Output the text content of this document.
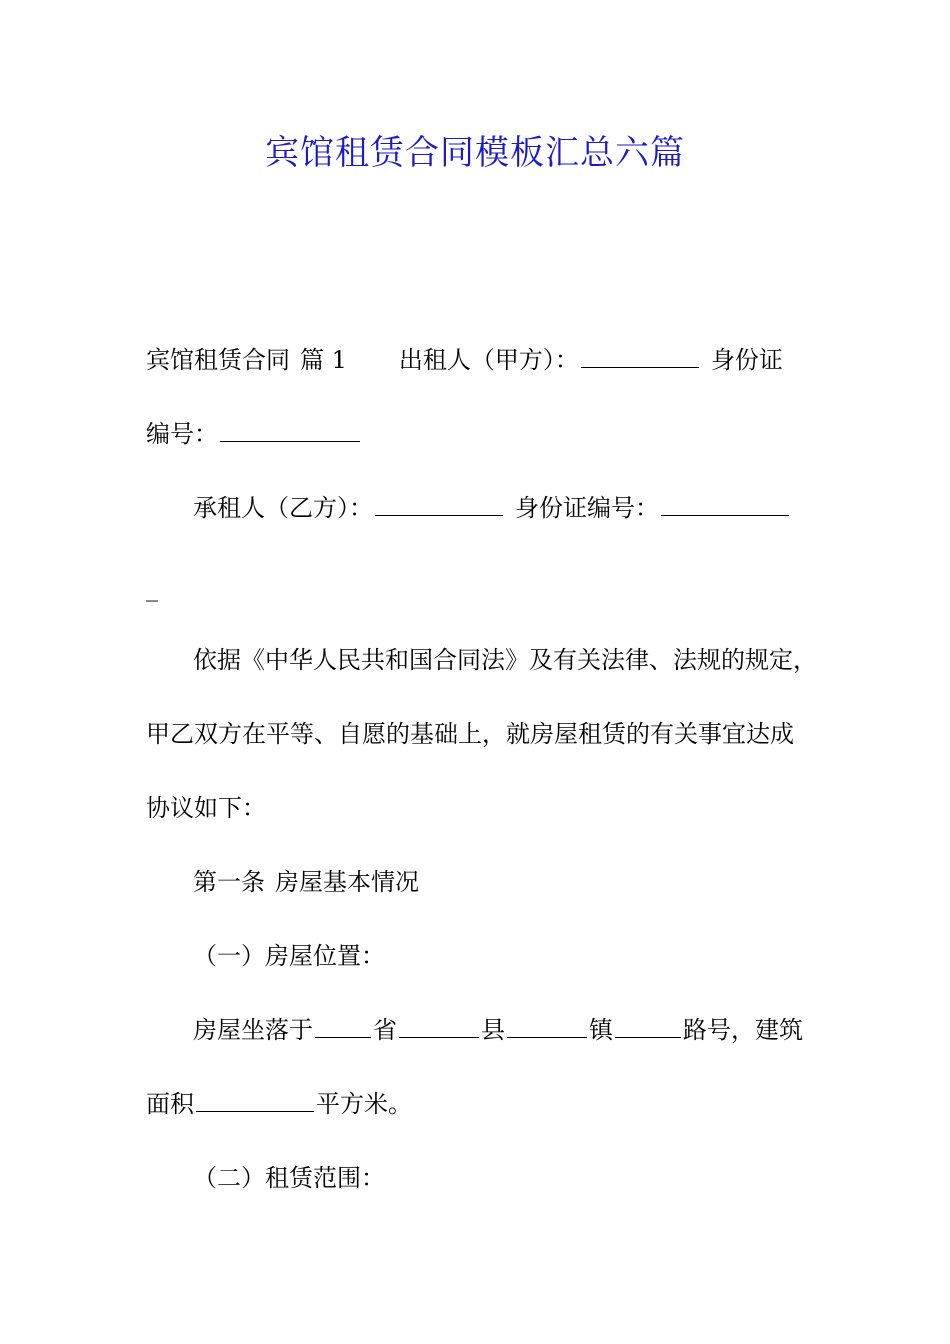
宾馆租赁合同模板汇总六篇
宾馆租赁合同 篇 1 出租人（甲方）：	身份证
编号：
承租人（乙方）：	身份证编号：
_
依据《中华人民共和国合同法》及有关法律、法规的规定，
甲乙双方在平等、自愿的基础上，就房屋租赁的有关事宜达成
协议如下：
第一条 房屋基本情况
（一）房屋位置：
房屋坐落于	省	县	镇	路号，建筑
面积	平方米。
（二）租赁范围：
